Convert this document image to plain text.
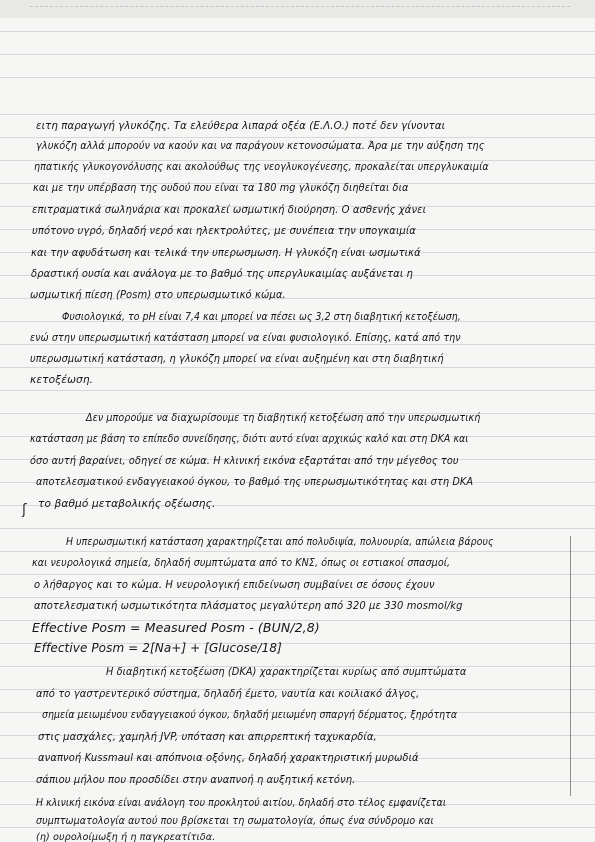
ειτη παραγωγή γλυκόζης. Τα ελεύθερα λιπαρά οξέα (Ε.Λ.Ο.) ποτέ δεν γίνονται
γλυκόζη αλλά μπορούν να καούν και να παράγουν κετονοσώματα. Άρα με την αύξηση της
ηπατικής γλυκογονόλυσης και ακολούθως της νεογλυκογένεσης, προκαλείται υπεργλυκαιμία
και με την υπέρβαση της ουδού που είναι τα 180 mg γλυκόζη διηθείται δια
επιτραματικά σωληνάρια και προκαλεί ωσμωτική διούρηση. Ο ασθενής χάνει
υπότονο υγρό, δηλαδή νερό και ηλεκτρολύτες, με συνέπεια την υπογκαιμία
και την αφυδάτωση και τελικά την υπερωσμωση. Η γλυκόζη είναι ωσμωτικά
δραστική ουσία και ανάλογα με το βαθμό της υπεργλυκαιμίας αυξάνεται η
ωσμωτική πίεση (Posm) στο υπερωσμωτικό κώμα.
Φυσιολογικά, το pH είναι 7,4 και μπορεί να πέσει ως 3,2 στη διαβητική κετοξέωση,
ενώ στην υπερωσμωτική κατάσταση μπορεί να είναι φυσιολογικό. Επίσης, κατά από την
υπερωσμωτική κατάσταση, η γλυκόζη μπορεί να είναι αυξημένη και στη διαβητική
κετοξέωση.
Δεν μπορούμε να διαχωρίσουμε τη διαβητική κετοξέωση από την υπερωσμωτική
κατάσταση με βάση το επίπεδο συνείδησης, διότι αυτό είναι αρχικώς καλό και στη DKA και
όσο αυτή βαραίνει, οδηγεί σε κώμα. Η κλινική εικόνα εξαρτάται από την μέγεθος του
αποτελεσματικού ενδαγγειακού όγκου, το βαθμό της υπερωσμωτικότητας και στη DKA
το βαθμό μεταβολικής οξέωσης.
Η υπερωσμωτική κατάσταση χαρακτηρίζεται από πολυδιψία, πολυουρία, απώλεια βάρους
και νευρολογικά σημεία, δηλαδή συμπτώματα από το ΚΝΣ, όπως οι εστιακοί σπασμοί,
ο λήθαργος και το κώμα. Η νευρολογική επιδείνωση συμβαίνει σε όσους έχουν
αποτελεσματική ωσμωτικότητα πλάσματος μεγαλύτερη από 320 με 330 mosmol/kg
Effective Posm = Measured Posm - (BUN/2,8)
Effective Posm = 2[Na+] + [Glucose/18]
Η διαβητική κετοξέωση (DKA) χαρακτηρίζεται κυρίως από συμπτώματα
από το γαστρεντερικό σύστημα, δηλαδή έμετο, ναυτία και κοιλιακό άλγος,
σημεία μειωμένου ενδαγγειακού όγκου, δηλαδή μειωμένη σπαργή δέρματος, ξηρότητα
στις μασχάλες, χαμηλή JVP, υπόταση και απιρρεπτική ταχυκαρδία,
αναπνοή Kussmaul και απόπνοια οξόνης, δηλαδή χαρακτηριστική μυρωδιά
σάπιου μήλου που προσδίδει στην αναπνοή η αυξητική κετόνη.
Η κλινική εικόνα είναι ανάλογη του προκλητού αιτίου, δηλαδή στο τέλος εμφανίζεται
συμπτωματολογία αυτού που βρίσκεται τη σωματολογία, όπως ένα σύνδρομο και
(η) ουρολοίμωξη ή η παγκρεατίτιδα.
ʃ
